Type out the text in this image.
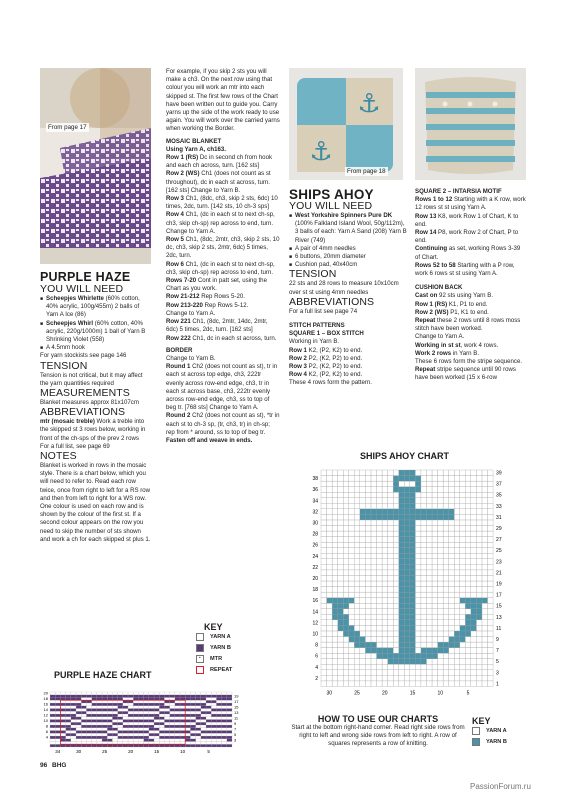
From page 17
⚓
⚓
From page 18

PURPLE HAZE

YOU WILL NEED

■ Scheepjes Whirlette (60% cotton, 40% acrylic, 100g/455m) 2 balls of Yarn A Ice (86)

■ Scheepjes Whirl (60% cotton, 40% acrylic, 220g/1000m) 1 ball of Yarn B Shrinking Violet (558)

■ A 4.5mm hook

For yarn stockists see page 146

TENSION

Tension is not critical, but it may affect the yarn quantities required

MEASUREMENTS

Blanket measures approx 81x107cm

ABBREVIATIONS

mtr (mosaic treble) Work a treble into the skipped st 3 rows below, working in front of the ch-sps of the prev 2 rows

For a full list, see page 69

NOTES

Blanket is worked in rows in the mosaic style. There is a chart below, which you will need to refer to. Read each row twice, once from right to left for a RS row and then from left to right for a WS row. One colour is used on each row and is shown by the colour of the first st. If a second colour appears on the row you need to skip the number of sts shown and work a ch for each skipped st plus 1.

For example, if you skip 2 sts you will make a ch3. On the next row using that colour you will work an mtr into each skipped st. The first few rows of the Chart have been written out to guide you. Carry yarns up the side of the work ready to use again. You will work over the carried yarns when working the Border.

MOSAIC BLANKET

Using Yarn A, ch163.

Row 1 (RS) Dc in second ch from hook and each ch across, turn. [162 sts]

Row 2 (WS) Ch1 (does not count as st throughout), dc in each st across, turn. [162 sts] Change to Yarn B.

Row 3 Ch1, (8dc, ch3, skip 2 sts, 6dc) 10 times, 2dc, turn. [142 sts, 10 ch-3 sps]

Row 4 Ch1, (dc in each st to next ch-sp, ch3, skip ch-sp) rep across to end, turn. Change to Yarn A.

Row 5 Ch1, (8dc, 2mtr, ch3, skip 2 sts, 10 dc, ch3, skip 2 sts, 2mtr, 6dc) 5 times, 2dc, turn.

Row 6 Ch1, (dc in each st to next ch-sp, ch3, skip ch-sp) rep across to end, turn.

Rows 7-20 Cont in patt set, using the Chart as you work.

Row 21-212 Rep Rows 5-20.

Row 213-220 Rep Rows 5-12.

Change to Yarn A.

Row 221 Ch1, (8dc, 2mtr, 14dc, 2mtr, 6dc) 5 times, 2dc, turn. [162 sts]

Row 222 Ch1, dc in each st across, turn.

BORDER

Change to Yarn B.

Round 1 Ch2 (does not count as st), tr in each st across top edge, ch3, 222tr evenly across row-end edge, ch3, tr in each st across base, ch3, 222tr evenly across row-end edge, ch3, ss to top of beg tr. [768 sts] Change to Yarn A.

Round 2 Ch2 (does not count as st), *tr in each st to ch-3 sp, (tr, ch3, tr) in ch-sp; rep from * around, ss to top of beg tr.

Fasten off and weave in ends.

KEY
YARN A
YARN B
· MTR
REPEAT

SHIPS AHOY

YOU WILL NEED

■ West Yorkshire Spinners Pure DK (100% Falkland Island Wool, 50g/112m), 3 balls of each: Yarn A Sand (208) Yarn B River (749)

■ A pair of 4mm needles

■ 6 buttons, 20mm diameter

■ Cushion pad, 40x40cm

TENSION

22 sts and 28 rows to measure 10x10cm over st st using 4mm needles

ABBREVIATIONS

For a full list see page 74

STITCH PATTERNS

SQUARE 1 – BOX STITCH

Working in Yarn B.

Row 1 K2, (P2, K2) to end.

Row 2 P2, (K2, P2) to end.

Row 3 P2, (K2, P2) to end.

Row 4 K2, (P2, K2) to end.

These 4 rows form the pattern.

SQUARE 2 – INTARSIA MOTIF

Rows 1 to 12 Starting with a K row, work 12 rows st st using Yarn A.

Row 13 K8, work Row 1 of Chart, K to end.

Row 14 P8, work Row 2 of Chart, P to end.

Continuing as set, working Rows 3-39 of Chart.

Rows 52 to 58 Starting with a P row, work 6 rows st st using Yarn A.

CUSHION BACK

Cast on 92 sts using Yarn B.

Row 1 (RS) K1, P1 to end.

Row 2 (WS) P1, K1 to end.

Repeat these 2 rows until 8 rows moss stitch have been worked.

Change to Yarn A.

Working in st st, work 4 rows.

Work 2 rows in Yarn B.

These 6 rows form the stripe sequence.

Repeat stripe sequence until 90 rows have been worked (15 x 6-row

SHIPS AHOY CHART
38
36
34
32
30
28
26
24
22
20
18
16
14
12
10
8
6
4
2
39
37
35
33
31
29
27
25
23
21
19
17
15
13
11
9
7
5
3
1
30	25	20	15	10	5
HOW TO USE OUR CHARTS
Start at the bottom right-hand corner. Read right side rows from right to left and wrong side rows from left to right. A row of squares represents a row of knitting.
KEY
YARN A
YARN B
PURPLE HAZE CHART
20
18
16
14
12
10
8
6
4
19
17
15
13
11
9
7
5
3
34	30	25	20	15	10	5
96 BHG
PassionForum.ru
